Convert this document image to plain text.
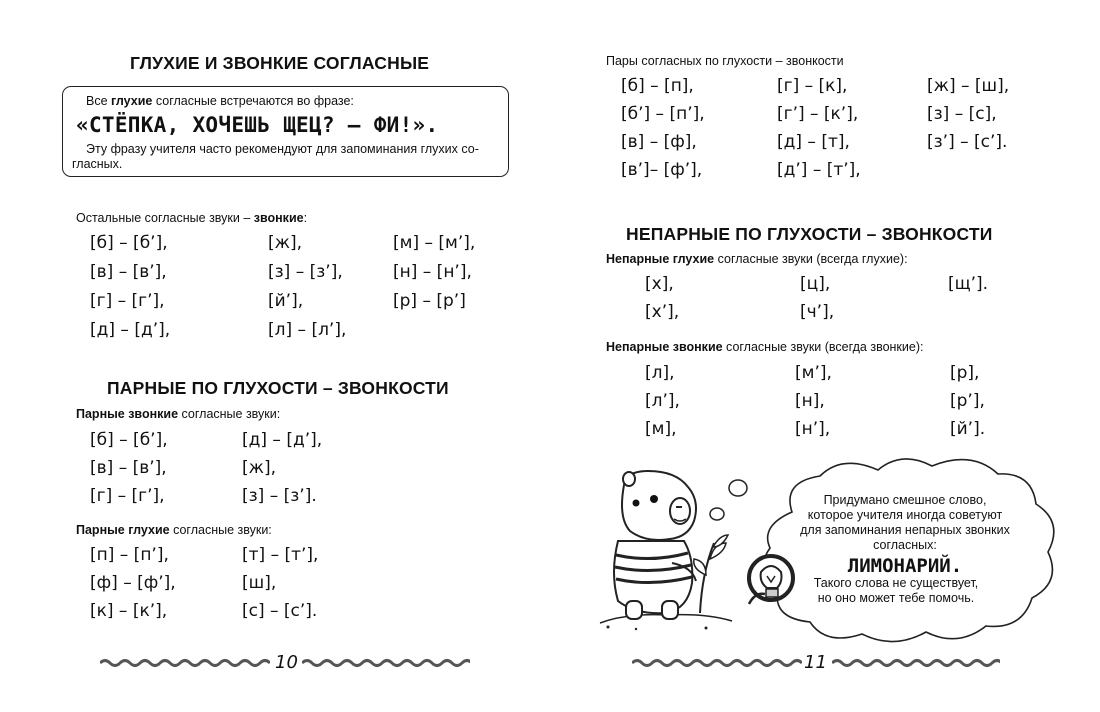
ГЛУХИЕ И ЗВОНКИЕ СОГЛАСНЫЕ
Все глухие согласные встречаются во фразе:
«СТЁПКА, ХОЧЕШЬ ЩЕЦ? — ФИ!».
Эту фразу учителя часто рекомендуют для запоминания глухих со-
гласных.
Остальные согласные звуки – звонкие:
[б] – [б’],	[ж],	[м] – [м’],
[в] – [в’],	[з] – [з’],	[н] – [н’],
[г] – [г’],	[й’],	[р] – [р’]
[д] – [д’],	[л] – [л’],
ПАРНЫЕ ПО ГЛУХОСТИ – ЗВОНКОСТИ
Парные звонкие согласные звуки:
[б] – [б’],	[д] – [д’],
[в] – [в’],	[ж],
[г] – [г’],	[з] – [з’].
Парные глухие согласные звуки:
[п] – [п’],	[т] – [т’],
[ф] – [ф’],	[ш],
[к] – [к’],	[с] – [с’].
10
Пары согласных по глухости – звонкости
[б] – [п],	[г] – [к],	[ж] – [ш],
[б’] – [п’],	[г’] – [к’],	[з] – [с],
[в] – [ф],	[д] – [т],	[з’] – [с’].
[в’]– [ф’],	[д’] – [т’],
НЕПАРНЫЕ ПО ГЛУХОСТИ – ЗВОНКОСТИ
Непарные глухие согласные звуки (всегда глухие):
[х],	[ц],	[щ’].
[х’],	[ч’],
Непарные звонкие согласные звуки (всегда звонкие):
[л],	[м’],	[р],
[л’],	[н],	[р’],
[м],	[н’],	[й’].
Придумано смешное слово,
которое учителя иногда советуют
для запоминания непарных звонких
согласных:
ЛИМОНАРИЙ.
Такого слова не существует,
но оно может тебе помочь.
11
